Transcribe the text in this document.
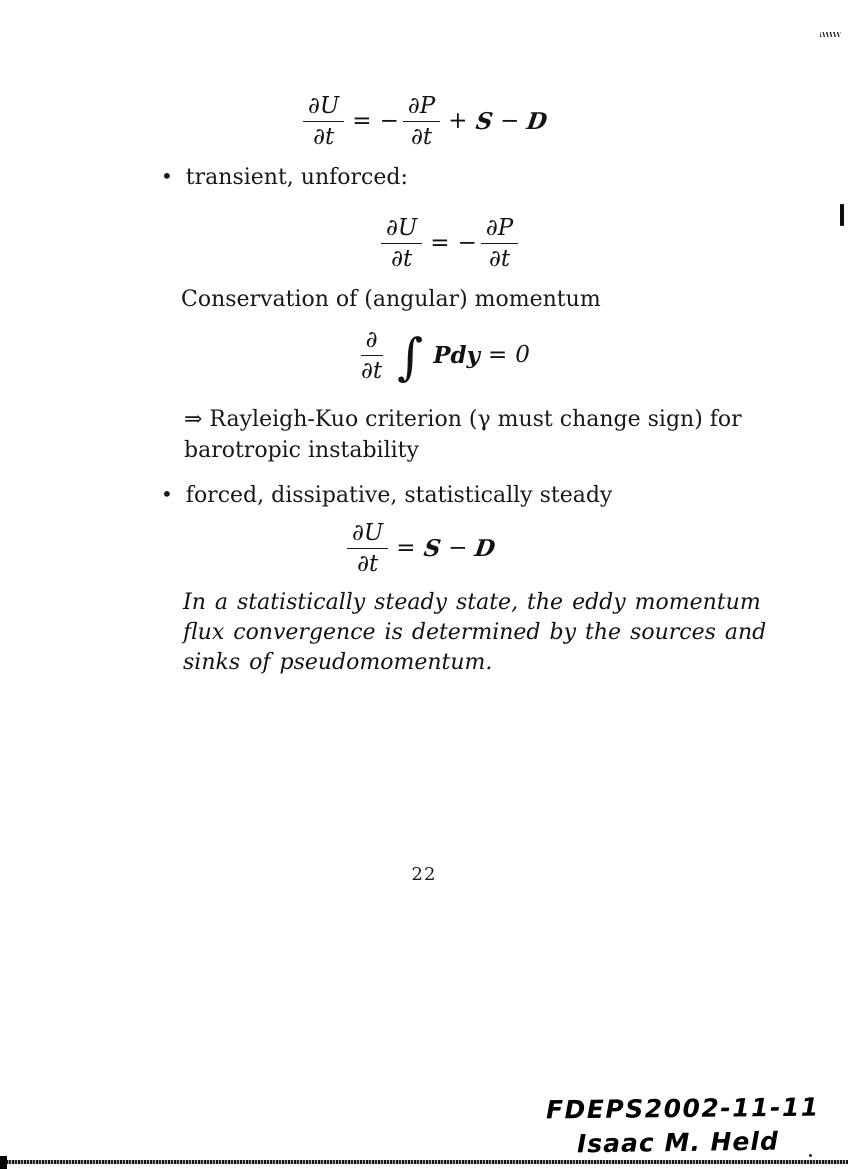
$\frac{\partial U}{\partial t}$ = − $\frac{\partial P}{\partial t} + S - D$
• transient, unforced:
$\frac{\partial U}{\partial t}$ = − $\frac{\partial P}{\partial t}$
Conservation of (angular) momentum
$\frac{\partial}{\partial t}$ ∫ Pdy = 0
⇒ Rayleigh-Kuo criterion (γ must change sign) for
barotropic instability
• forced, dissipative, statistically steady
$\frac{\partial U}{\partial t} = S - D$
In a statistically steady state, the eddy momentum
flux convergence is determined by the sources and
sinks of pseudomomentum.
22
FDEPS2002-11-11
Isaac M. Held
